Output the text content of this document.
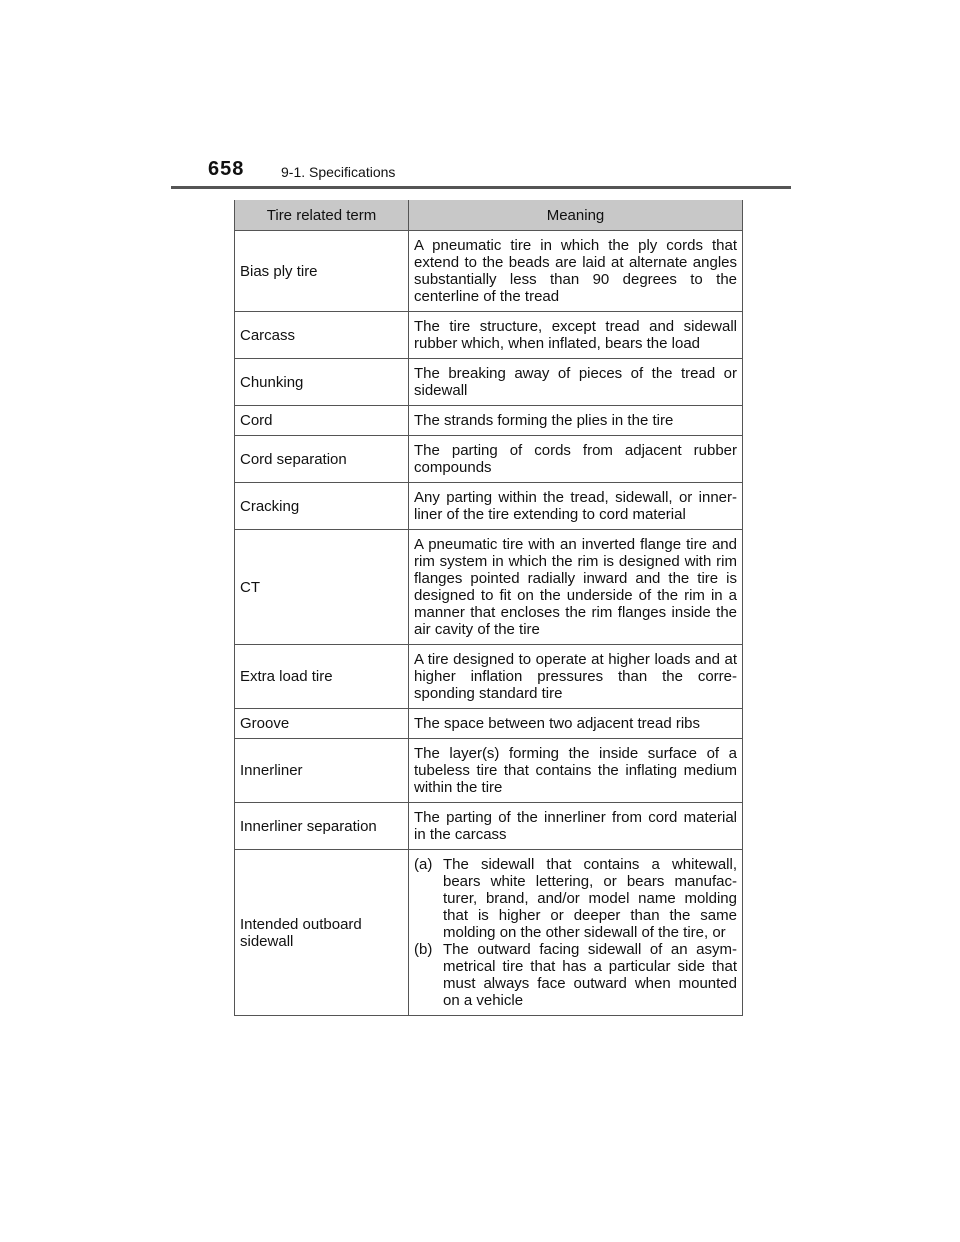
658	9-1. Specifications
Tire related term	Meaning
Bias ply tire	A pneumatic tire in which the ply cords that extend to the beads are laid at alternate angles substantially less than 90 degrees to the centerline of the tread
Carcass	The tire structure, except tread and sidewall rubber which, when inflated, bears the load
Chunking	The breaking away of pieces of the tread or sidewall
Cord	The strands forming the plies in the tire
Cord separation	The parting of cords from adjacent rubber compounds
Cracking	Any parting within the tread, sidewall, or inner-liner of the tire extending to cord material
CT	A pneumatic tire with an inverted flange tire and rim system in which the rim is designed with rim flanges pointed radially inward and the tire is designed to fit on the underside of the rim in a manner that encloses the rim flanges inside the air cavity of the tire
Extra load tire	A tire designed to operate at higher loads and at higher inflation pressures than the corre-sponding standard tire
Groove	The space between two adjacent tread ribs
Innerliner	The layer(s) forming the inside surface of a tubeless tire that contains the inflating medium within the tire
Innerliner separation	The parting of the innerliner from cord material in the carcass
Intended outboard sidewall	(a) The sidewall that contains a whitewall, bears white lettering, or bears manufac-turer, brand, and/or model name molding that is higher or deeper than the same molding on the other sidewall of the tire, or
(b) The outward facing sidewall of an asym-metrical tire that has a particular side that must always face outward when mounted on a vehicle
